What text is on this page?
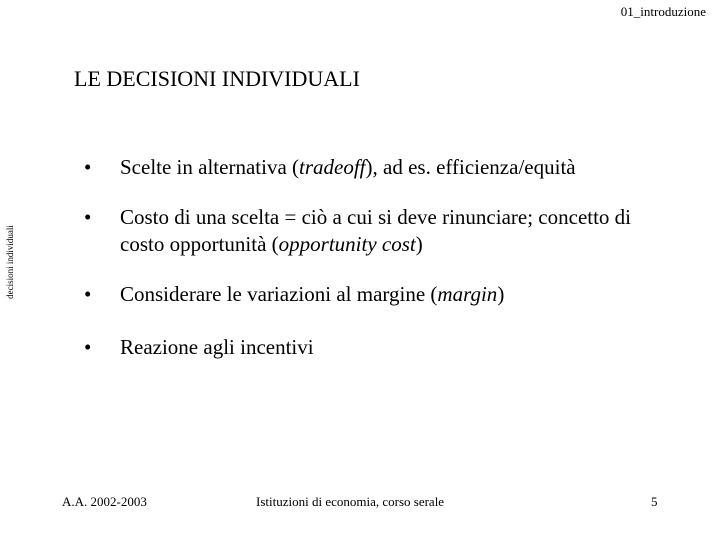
01_introduzione
LE DECISIONI INDIVIDUALI
decisioni individuali
•	Scelte in alternativa (tradeoff), ad es. efficienza/equità
•	Costo di una scelta = ciò a cui si deve rinunciare; concetto di costo opportunità (opportunity cost)
•	Considerare le variazioni al margine (margin)
•	Reazione agli incentivi
A.A. 2002-2003	Istituzioni di economia, corso serale	5
